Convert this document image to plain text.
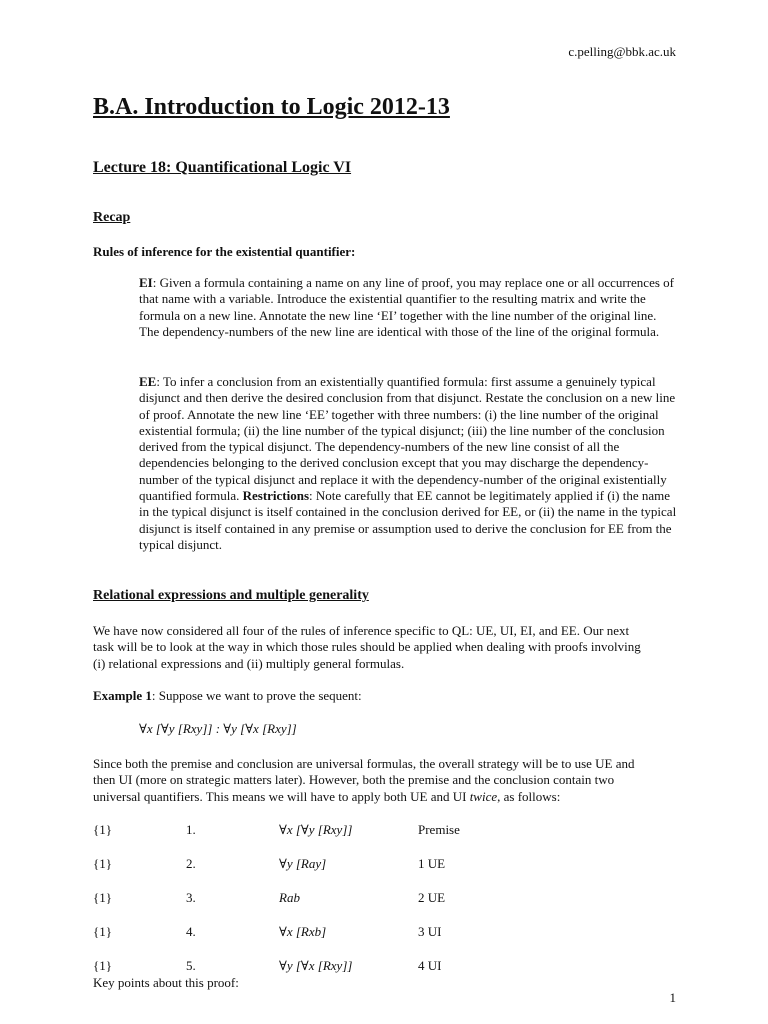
c.pelling@bbk.ac.uk
B.A. Introduction to Logic 2012-13
Lecture 18: Quantificational Logic VI
Recap
Rules of inference for the existential quantifier:
EI: Given a formula containing a name on any line of proof, you may replace one or all occurrences of that name with a variable. Introduce the existential quantifier to the resulting matrix and write the formula on a new line. Annotate the new line ‘EI’ together with the line number of the original line. The dependency-numbers of the new line are identical with those of the line of the original formula.
EE: To infer a conclusion from an existentially quantified formula: first assume a genuinely typical disjunct and then derive the desired conclusion from that disjunct. Restate the conclusion on a new line of proof. Annotate the new line ‘EE’ together with three numbers: (i) the line number of the original existential formula; (ii) the line number of the typical disjunct; (iii) the line number of the conclusion derived from the typical disjunct. The dependency-numbers of the new line consist of all the dependencies belonging to the derived conclusion except that you may discharge the dependency-number of the typical disjunct and replace it with the dependency-number of the original existentially quantified formula. Restrictions: Note carefully that EE cannot be legitimately applied if (i) the name in the typical disjunct is itself contained in the conclusion derived for EE, or (ii) the name in the typical disjunct is itself contained in any premise or assumption used to derive the conclusion for EE from the typical disjunct.
Relational expressions and multiple generality
We have now considered all four of the rules of inference specific to QL: UE, UI, EI, and EE. Our next task will be to look at the way in which those rules should be applied when dealing with proofs involving (i) relational expressions and (ii) multiply general formulas.
Example 1: Suppose we want to prove the sequent:
∀x [∀y [Rxy]] : ∀y [∀x [Rxy]]
Since both the premise and conclusion are universal formulas, the overall strategy will be to use UE and then UI (more on strategic matters later). However, both the premise and the conclusion contain two universal quantifiers. This means we will have to apply both UE and UI twice, as follows:
{1}	1.	∀x [∀y [Rxy]]	Premise
{1}	2.	∀y [Ray]	1 UE
{1}	3.	Rab	2 UE
{1}	4.	∀x [Rxb]	3 UI
{1}	5.	∀y [∀x [Rxy]]	4 UI
Key points about this proof:
1
